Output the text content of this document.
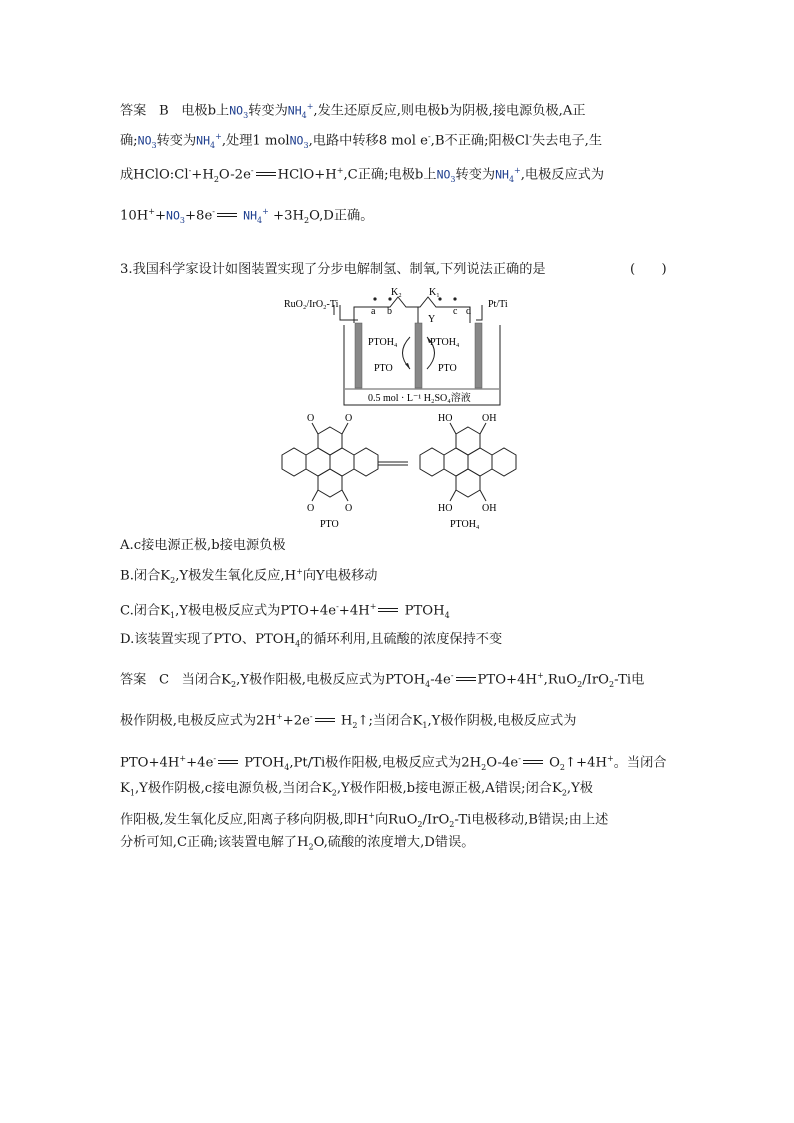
答案 B 电极b上$NO_3$转变为$NH_4^+$,发生还原反应,则电极b为阴极,接电源负极,A正
确$;NO_3$转变为$NH_4^+$,处理1 molNO$_3$,电路中转移8 mol e-,B不正确;阳极Cl-失去电子,生
成$HClO:Cl^-+H_2O-2e^-$ HClO+H+,C正确;电极b上$NO_3$转变为$NH_4^+$,电极反应式为
$10H^++NO_3+8e^-$ $NH_4^+ +3H_2O,D$正确。
3.我国科学家设计如图装置实现了分步电解制氢、制氧,下列说法正确的是	(　　)
RuO₂/IrO₂-Ti	Pt/Ti
a b	c d
K₂	K₁
Y
PTOH₄
PTO
PTOH₄
PTO
0.5 mol · L⁻¹ H₂SO₄溶液
O	O
O	O
PTO
HO	OH
HO	OH
PTOH₄
A.c接电源正极,b接电源负极
B.闭合$K_2,Y$极发生氧化反应,H+向Y电极移动
C.闭合$K_1,Y$极电极反应式为PTO+4e-+4H+ $PTOH_4$
D.该装置实现了PTO、$PTOH_4$的循环利用,且硫酸的浓度保持不变
答案 C 当闭合$K_2,Y$极作阳极,电极反应式为$PTOH_4-4e^-$ PTO+4H+,RuO$_2$/IrO$_2$-Ti电
极作阴极,电极反应式为2H++2e- $H_2↑$;当闭合$K_1,Y$极作阴极,电极反应式为
PTO+4H++4e- $PTOH_4,Pt/Ti$极作阳极,电极反应式为$2H_2O-4e^-$ $O_2↑+4H^+$。当闭合
$K_1,Y$极作阴极,c接电源负极,当闭合$K_2,Y$极作阳极,b接电源正极,A错误;闭合$K_2,Y$极
作阳极,发生氧化反应,阳离子移向阴极,即H+向RuO$_2$/IrO$_2$-Ti电极移动,B错误;由上述
分析可知,C正确;该装置电解了$H_2O$,硫酸的浓度增大,D错误。
